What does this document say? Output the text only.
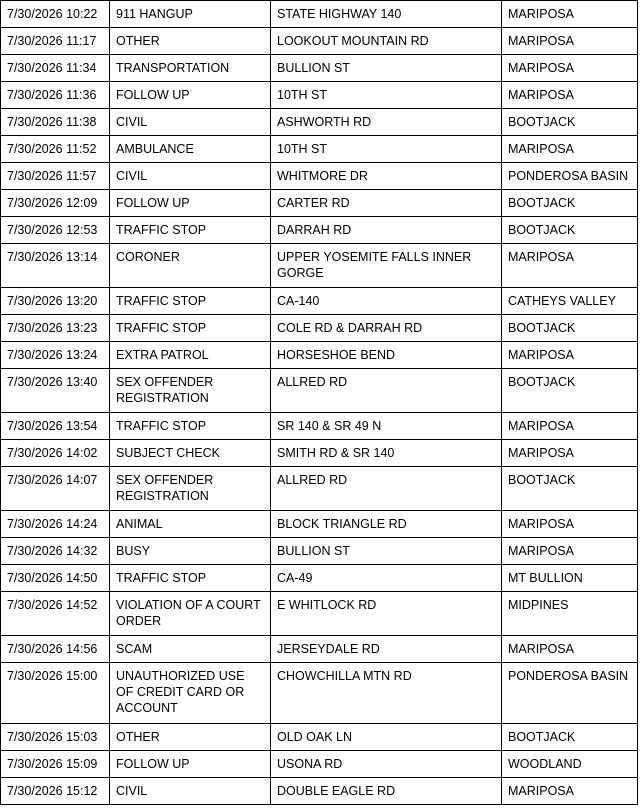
7/30/2026 10:22	911 HANGUP	STATE HIGHWAY 140	MARIPOSA
7/30/2026 11:17	OTHER	LOOKOUT MOUNTAIN RD	MARIPOSA
7/30/2026 11:34	TRANSPORTATION	BULLION ST	MARIPOSA
7/30/2026 11:36	FOLLOW UP	10TH ST	MARIPOSA
7/30/2026 11:38	CIVIL	ASHWORTH RD	BOOTJACK
7/30/2026 11:52	AMBULANCE	10TH ST	MARIPOSA
7/30/2026 11:57	CIVIL	WHITMORE DR	PONDEROSA BASIN
7/30/2026 12:09	FOLLOW UP	CARTER RD	BOOTJACK
7/30/2026 12:53	TRAFFIC STOP	DARRAH RD	BOOTJACK
7/30/2026 13:14	CORONER	UPPER YOSEMITE FALLS INNER GORGE	MARIPOSA
7/30/2026 13:20	TRAFFIC STOP	CA-140	CATHEYS VALLEY
7/30/2026 13:23	TRAFFIC STOP	COLE RD & DARRAH RD	BOOTJACK
7/30/2026 13:24	EXTRA PATROL	HORSESHOE BEND	MARIPOSA
7/30/2026 13:40	SEX OFFENDER REGISTRATION	ALLRED RD	BOOTJACK
7/30/2026 13:54	TRAFFIC STOP	SR 140 & SR 49 N	MARIPOSA
7/30/2026 14:02	SUBJECT CHECK	SMITH RD & SR 140	MARIPOSA
7/30/2026 14:07	SEX OFFENDER REGISTRATION	ALLRED RD	BOOTJACK
7/30/2026 14:24	ANIMAL	BLOCK TRIANGLE RD	MARIPOSA
7/30/2026 14:32	BUSY	BULLION ST	MARIPOSA
7/30/2026 14:50	TRAFFIC STOP	CA-49	MT BULLION
7/30/2026 14:52	VIOLATION OF A COURT ORDER	E WHITLOCK RD	MIDPINES
7/30/2026 14:56	SCAM	JERSEYDALE RD	MARIPOSA
7/30/2026 15:00	UNAUTHORIZED USE OF CREDIT CARD OR ACCOUNT	CHOWCHILLA MTN RD	PONDEROSA BASIN
7/30/2026 15:03	OTHER	OLD OAK LN	BOOTJACK
7/30/2026 15:09	FOLLOW UP	USONA RD	WOODLAND
7/30/2026 15:12	CIVIL	DOUBLE EAGLE RD	MARIPOSA
